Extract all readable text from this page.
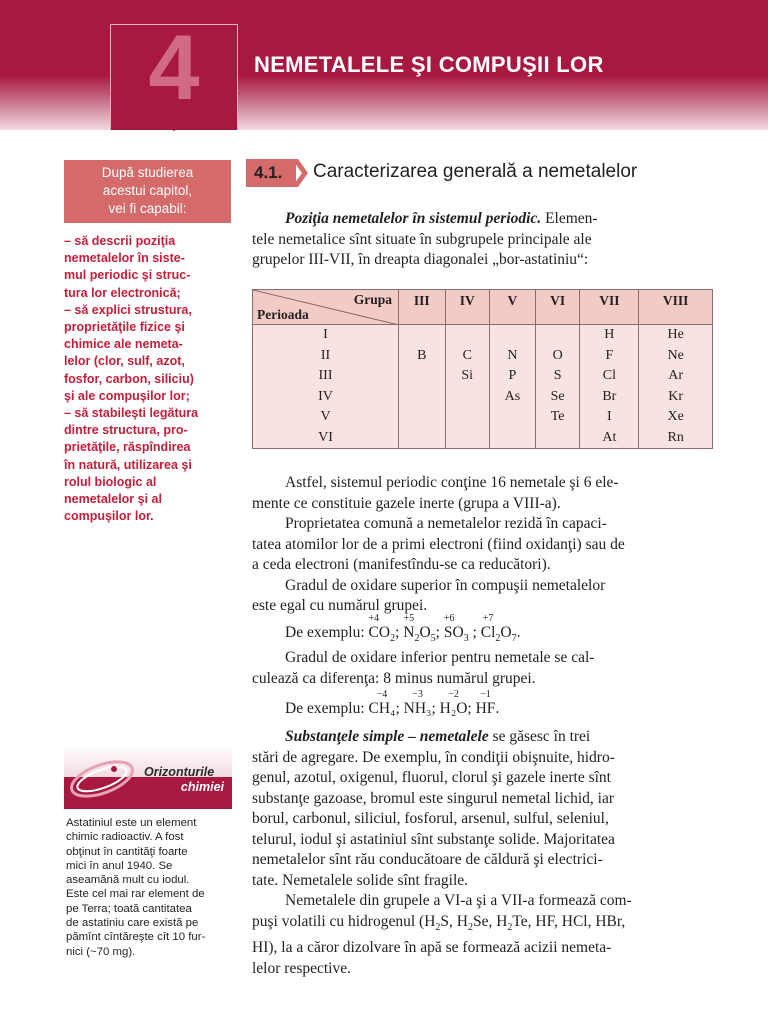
4	NEMETALELE ŞI COMPUŞII LOR
După studierea
acestui capitol,
vei fi capabil:
– să descrii poziţia
nemetalelor în siste-
mul periodic şi struc-
tura lor electronică;
– să explici strustura,
proprietăţile fizice şi
chimice ale nemeta-
lelor (clor, sulf, azot,
fosfor, carbon, siliciu)
şi ale compuşilor lor;
– să stabileşti legătura
dintre structura, pro-
prietăţile, răspîndirea
în natură, utilizarea şi
rolul biologic al
nemetalelor şi al
compuşilor lor.
Orizonturile
chimiei
Astatiniul este un element
chimic radioactiv. A fost
obţinut în cantităţi foarte
mici în anul 1940. Se
aseamănă mult cu iodul.
Este cel mai rar element de
pe Terra; toată cantitatea
de astatiniu care există pe
pămînt cîntăreşte cît 10 fur-
nici (~70 mg).
4.1.	Caracterizarea generală a nemetalelor
Poziţia nemetalelor în sistemul periodic. Elemen-
tele nemetalice sînt situate în subgrupele principale ale
grupelor III-VII, în dreapta diagonalei „bor-astatiniu“:
Grupa
Perioada	III	IV	V	VI	VII	VIII
I					H	He
II	B	C	N	O	F	Ne
III		Si	P	S	Cl	Ar
IV			As	Se	Br	Kr
V				Te	I	Xe
VI					At	Rn
Astfel, sistemul periodic conţine 16 nemetale şi 6 ele-
mente ce constituie gazele inerte (grupa a VIII-a).
Proprietatea comună a nemetalelor rezidă în capaci-
tatea atomilor lor de a primi electroni (fiind oxidanţi) sau de
a ceda electroni (manifestîndu-se ca reducători).
Gradul de oxidare superior în compuşii nemetalelor
este egal cu numărul grupei.
De exemplu:
+4
$CO_2$;
+5
$N_2O_5$;
+6
$SO_3$ ;
+7
$Cl_2O_7$.
Gradul de oxidare inferior pentru nemetale se cal-
culează ca diferenţa: 8 minus numărul grupei.
De exemplu:
−4
CH₄;
−3
NH₃;
−2
H₂O;
−1
HF.
Substanţele simple – nemetalele se găsesc în trei
stări de agregare. De exemplu, în condiţii obişnuite, hidro-
genul, azotul, oxigenul, fluorul, clorul şi gazele inerte sînt
substanţe gazoase, bromul este singurul nemetal lichid, iar
borul, carbonul, siliciul, fosforul, arsenul, sulful, seleniul,
telurul, iodul şi astatiniul sînt substanţe solide. Majoritatea
nemetalelor sînt rău conducătoare de căldură şi electrici-
tate. Nemetalele solide sînt fragile.
Nemetalele din grupele a VI-a şi a VII-a formează com-
puşi volatili cu hidrogenul ($H_2S$, $H_2Se$, $H_2Te$, HF, HCl, HBr,
HI), la a căror dizolvare în apă se formează acizii nemeta-
lelor respective.
